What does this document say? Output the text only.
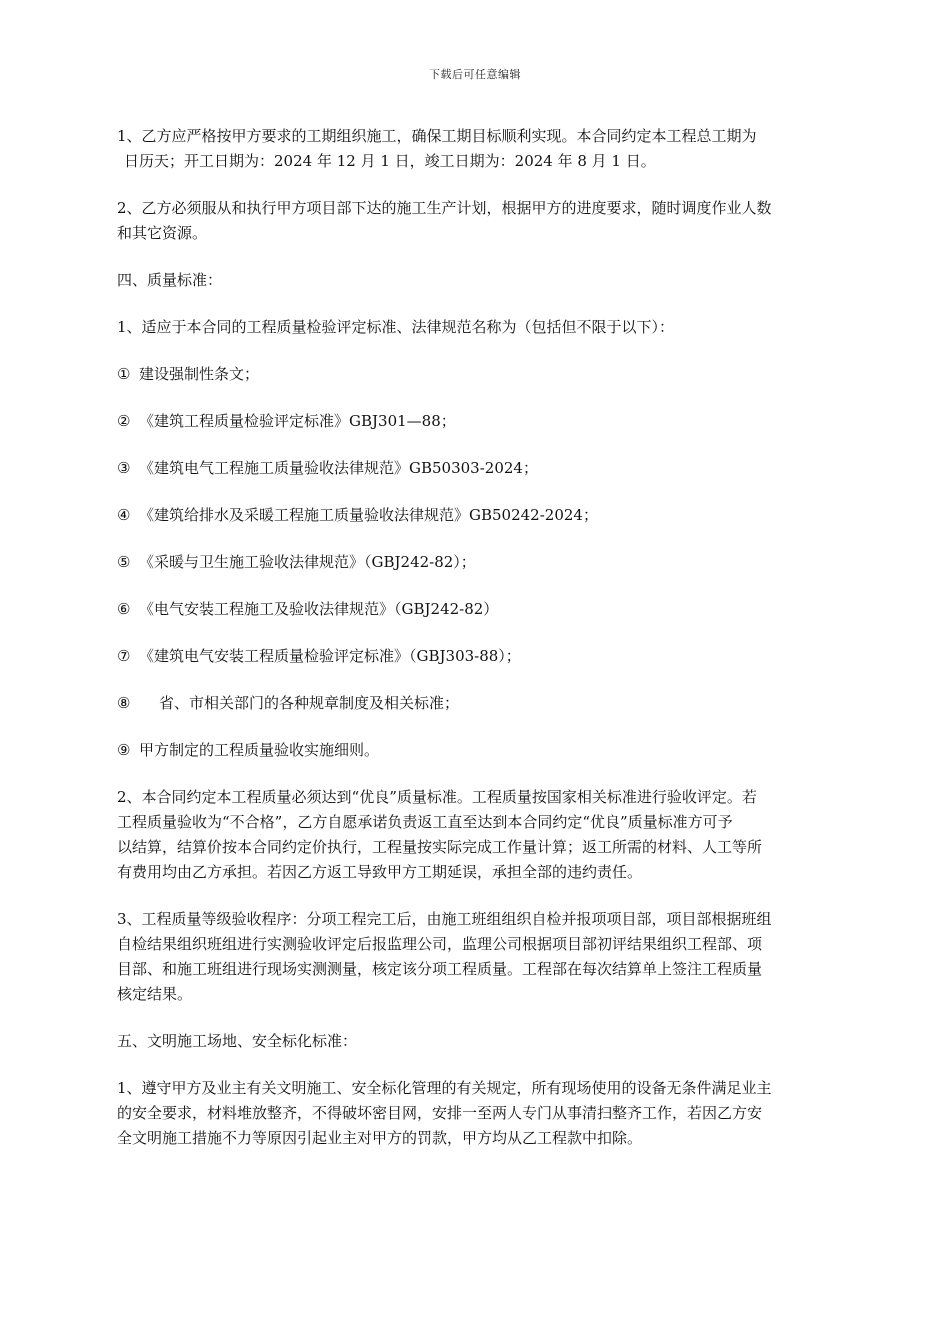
下载后可任意编辑

1、乙方应严格按甲方要求的工期组织施工，确保工期目标顺利实现。本合同约定本工程总工期为
日历天；开工日期为：2024 年 12 月 1 日，竣工日期为：2024 年 8 月 1 日。

2、乙方必须服从和执行甲方项目部下达的施工生产计划，根据甲方的进度要求，随时调度作业人数
和其它资源。

四、质量标准：

1、适应于本合同的工程质量检验评定标准、法律规范名称为（包括但不限于以下）：

① 建设强制性条文；

② 《建筑工程质量检验评定标准》GBJ301—88；

③ 《建筑电气工程施工质量验收法律规范》GB50303-2024；

④ 《建筑给排水及采暖工程施工质量验收法律规范》GB50242-2024；

⑤ 《采暖与卫生施工验收法律规范》（GBJ242-82）；

⑥ 《电气安装工程施工及验收法律规范》（GBJ242-82）

⑦ 《建筑电气安装工程质量检验评定标准》（GBJ303-88）；

⑧ 省、市相关部门的各种规章制度及相关标准；

⑨ 甲方制定的工程质量验收实施细则。

2、本合同约定本工程质量必须达到“优良”质量标准。工程质量按国家相关标准进行验收评定。若
工程质量验收为“不合格”，乙方自愿承诺负责返工直至达到本合同约定“优良”质量标准方可予
以结算，结算价按本合同约定价执行，工程量按实际完成工作量计算；返工所需的材料、人工等所
有费用均由乙方承担。若因乙方返工导致甲方工期延误，承担全部的违约责任。

3、工程质量等级验收程序：分项工程完工后，由施工班组组织自检并报项项目部，项目部根据班组
自检结果组织班组进行实测验收评定后报监理公司，监理公司根据项目部初评结果组织工程部、项
目部、和施工班组进行现场实测测量，核定该分项工程质量。工程部在每次结算单上签注工程质量
核定结果。

五、文明施工场地、安全标化标准：

1、遵守甲方及业主有关文明施工、安全标化管理的有关规定，所有现场使用的设备无条件满足业主
的安全要求，材料堆放整齐，不得破坏密目网，安排一至两人专门从事清扫整齐工作，若因乙方安
全文明施工措施不力等原因引起业主对甲方的罚款，甲方均从乙工程款中扣除。
